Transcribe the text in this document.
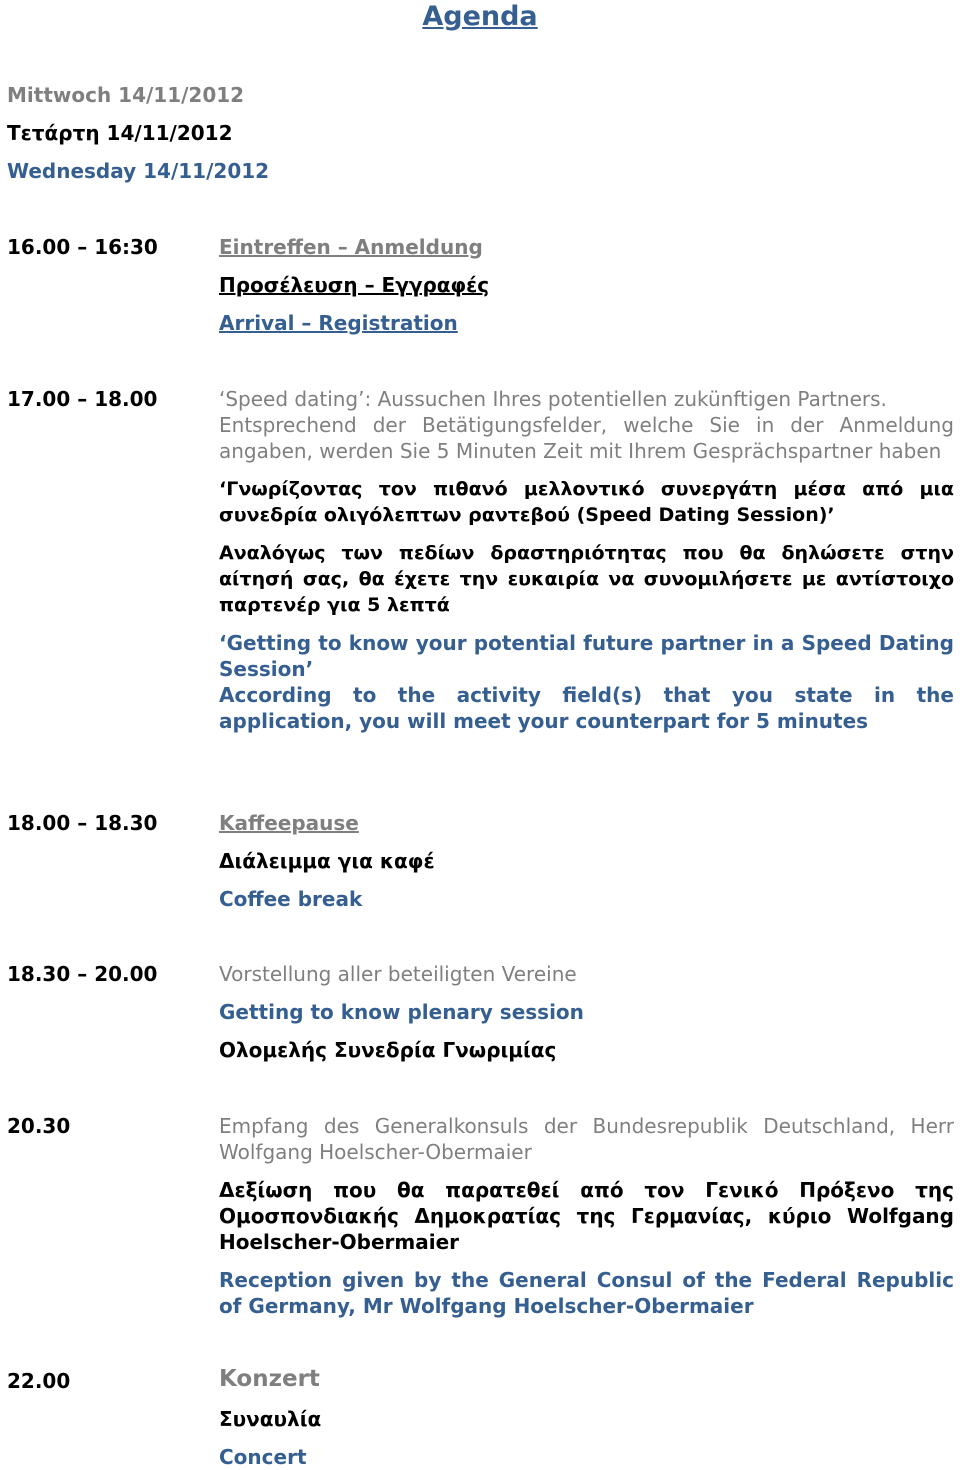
Agenda
Mittwoch 14/11/2012
Τετάρτη 14/11/2012
Wednesday 14/11/2012
16.00 – 16:30	Eintreffen – Anmeldung
Προσέλευση – Εγγραφές
Arrival – Registration
17.00 – 18.00	‘Speed dating’: Aussuchen Ihres potentiellen zukünftigen Partners.
Entsprechend der Betätigungsfelder, welche Sie in der Anmeldung angaben, werden Sie 5 Minuten Zeit mit Ihrem Gesprächspartner haben
‘Γνωρίζοντας τον πιθανό μελλοντικό συνεργάτη μέσα από μια συνεδρία ολιγόλεπτων ραντεβού (Speed Dating Session)’
Αναλόγως των πεδίων δραστηριότητας που θα δηλώσετε στην αίτησή σας, θα έχετε την ευκαιρία να συνομιλήσετε με αντίστοιχο παρτενέρ για 5 λεπτά
‘Getting to know your potential future partner in a Speed Dating Session’
According to the activity field(s) that you state in the application, you will meet your counterpart for 5 minutes
18.00 – 18.30	Kaffeepause
Διάλειμμα για καφέ
Coffee break
18.30 – 20.00	Vorstellung aller beteiligten Vereine
Getting to know plenary session
Ολομελής Συνεδρία Γνωριμίας
20.30	Empfang des Generalkonsuls der Bundesrepublik Deutschland, Herr Wolfgang Hoelscher-Obermaier
Δεξίωση που θα παρατεθεί από τον Γενικό Πρόξενο της Ομοσπονδιακής Δημοκρατίας της Γερμανίας, κύριο Wolfgang Hoelscher-Obermaier
Reception given by the General Consul of the Federal Republic of Germany, Mr Wolfgang Hoelscher-Obermaier
22.00	Konzert
Συναυλία
Concert
